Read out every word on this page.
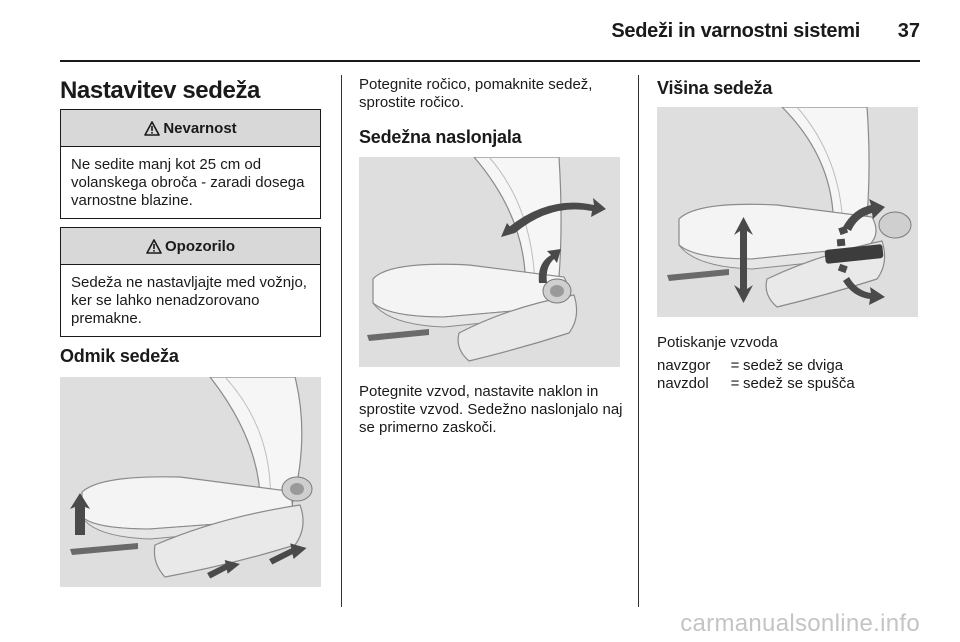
Sedeži in varnostni sistemi	37
Nastavitev sedeža
Nevarnost
Ne sedite manj kot 25 cm od volanskega obroča - zaradi dosega varnostne blazine.
Opozorilo
Sedeža ne nastavljajte med vožnjo, ker se lahko nenadzorovano premakne.
Odmik sedeža
Potegnite ročico, pomaknite sedež, sprostite ročico.
Sedežna naslonjala
Potegnite vzvod, nastavite naklon in sprostite vzvod. Sedežno naslonjalo naj se primerno zaskoči.
Višina sedeža
Potiskanje vzvoda
navzgor	= sedež se dviga
navzdol	= sedež se spušča
carmanualsonline.info
